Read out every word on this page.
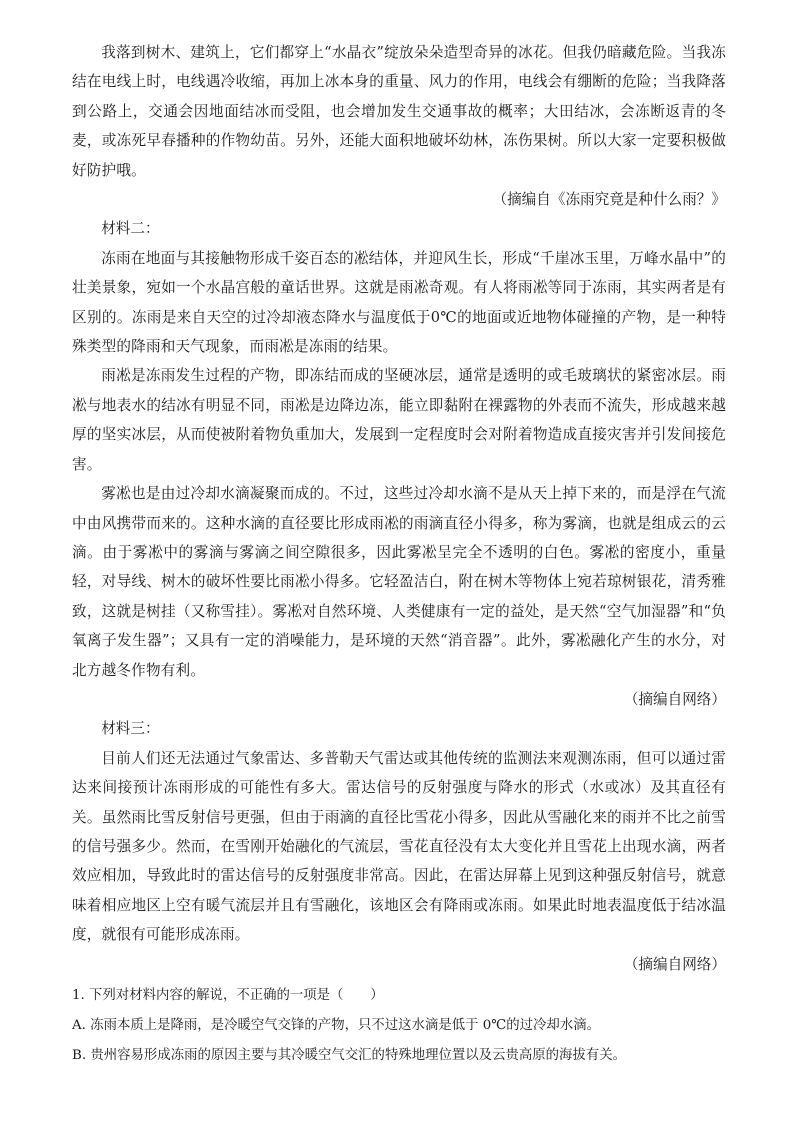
我落到树木、建筑上，它们都穿上“水晶衣”绽放朵朵造型奇异的冰花。但我仍暗藏危险。当我冻结在电线上时，电线遇冷收缩，再加上冰本身的重量、风力的作用，电线会有绷断的危险；当我降落到公路上，交通会因地面结冰而受阻，也会增加发生交通事故的概率；大田结冰，会冻断返青的冬麦，或冻死早春播种的作物幼苗。另外，还能大面积地破坏幼林，冻伤果树。所以大家一定要积极做好防护哦。

（摘编自《冻雨究竟是种什么雨？》

材料二：

冻雨在地面与其接触物形成千姿百态的凇结体，并迎风生长，形成“千崖冰玉里，万峰水晶中”的壮美景象，宛如一个水晶宫般的童话世界。这就是雨凇奇观。有人将雨凇等同于冻雨，其实两者是有区别的。冻雨是来自天空的过冷却液态降水与温度低于0℃的地面或近地物体碰撞的产物，是一种特殊类型的降雨和天气现象，而雨凇是冻雨的结果。

雨凇是冻雨发生过程的产物，即冻结而成的坚硬冰层，通常是透明的或毛玻璃状的紧密冰层。雨凇与地表水的结冰有明显不同，雨凇是边降边冻，能立即黏附在裸露物的外表而不流失，形成越来越厚的坚实冰层，从而使被附着物负重加大，发展到一定程度时会对附着物造成直接灾害并引发间接危害。

雾凇也是由过冷却水滴凝聚而成的。不过，这些过冷却水滴不是从天上掉下来的，而是浮在气流中由风携带而来的。这种水滴的直径要比形成雨凇的雨滴直径小得多，称为雾滴，也就是组成云的云滴。由于雾凇中的雾滴与雾滴之间空隙很多，因此雾凇呈完全不透明的白色。雾凇的密度小，重量轻，对导线、树木的破坏性要比雨凇小得多。它轻盈洁白，附在树木等物体上宛若琼树银花，清秀雅致，这就是树挂（又称雪挂）。雾凇对自然环境、人类健康有一定的益处，是天然“空气加湿器”和“负氧离子发生器”；又具有一定的消噪能力，是环境的天然“消音器”。此外，雾凇融化产生的水分，对北方越冬作物有利。

（摘编自网络）

材料三：

目前人们还无法通过气象雷达、多普勒天气雷达或其他传统的监测法来观测冻雨，但可以通过雷达来间接预计冻雨形成的可能性有多大。雷达信号的反射强度与降水的形式（水或冰）及其直径有关。虽然雨比雪反射信号更强，但由于雨滴的直径比雪花小得多，因此从雪融化来的雨并不比之前雪的信号强多少。然而，在雪刚开始融化的气流层，雪花直径没有太大变化并且雪花上出现水滴，两者效应相加，导致此时的雷达信号的反射强度非常高。因此，在雷达屏幕上见到这种强反射信号，就意味着相应地区上空有暖气流层并且有雪融化，该地区会有降雨或冻雨。如果此时地表温度低于结冰温度，就很有可能形成冻雨。

（摘编自网络）

1. 下列对材料内容的解说，不正确的一项是（　　）

A. 冻雨本质上是降雨，是冷暖空气交锋的产物，只不过这水滴是低于 0℃的过冷却水滴。

B. 贵州容易形成冻雨的原因主要与其冷暖空气交汇的特殊地理位置以及云贵高原的海拔有关。
